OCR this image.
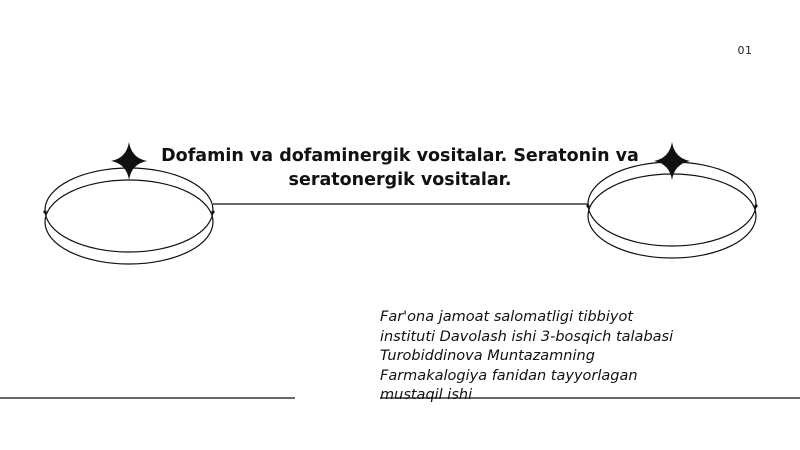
01
Dofamin va dofaminergik vositalar. Seratonin va seratonergik vositalar.

Far'ona jamoat salomatligi tibbiyot instituti Davolash ishi 3-bosqich talabasi Turobiddinova Muntazamning Farmakalogiya fanidan tayyorlagan mustaqil ishi
